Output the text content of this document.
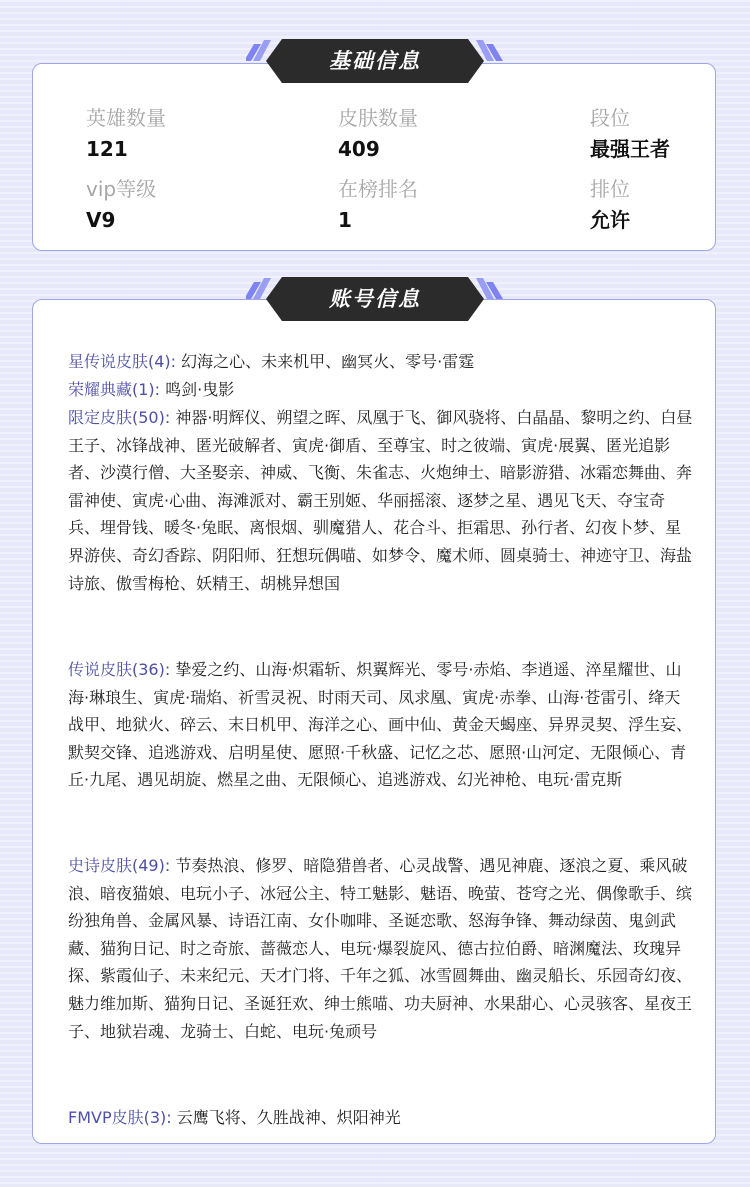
英雄数量
121
皮肤数量
409
段位
最强王者
vip等级
V9
在榜排名
1
排位
允许
基础信息
星传说皮肤(4): 幻海之心、未来机甲、幽冥火、零号·雷霆
荣耀典藏(1): 鸣剑·曳影
限定皮肤(50): 神器·明辉仪、朔望之晖、凤凰于飞、御风骁将、白晶晶、黎明之约、白昼王子、冰锋战神、匿光破解者、寅虎·御盾、至尊宝、时之彼端、寅虎·展翼、匿光追影者、沙漠行僧、大圣娶亲、神威、飞衡、朱雀志、火炮绅士、暗影游猎、冰霜恋舞曲、奔雷神使、寅虎·心曲、海滩派对、霸王别姬、华丽摇滚、逐梦之星、遇见飞天、夺宝奇兵、埋骨钱、暖冬·兔眠、离恨烟、驯魔猎人、花合斗、拒霜思、孙行者、幻夜卜梦、星界游侠、奇幻香踪、阴阳师、狂想玩偶喵、如梦令、魔术师、圆桌骑士、神迹守卫、海盐诗旅、傲雪梅枪、妖精王、胡桃异想国
传说皮肤(36): 挚爱之约、山海·炽霜斩、炽翼辉光、零号·赤焰、李逍遥、淬星耀世、山海·琳琅生、寅虎·瑞焰、祈雪灵祝、时雨天司、凤求凰、寅虎·赤拳、山海·苍雷引、绛天战甲、地狱火、碎云、末日机甲、海洋之心、画中仙、黄金天蝎座、异界灵契、浮生妄、默契交锋、追逃游戏、启明星使、愿照·千秋盛、记忆之芯、愿照·山河定、无限倾心、青丘·九尾、遇见胡旋、燃星之曲、无限倾心、追逃游戏、幻光神枪、电玩·雷克斯
史诗皮肤(49): 节奏热浪、修罗、暗隐猎兽者、心灵战警、遇见神鹿、逐浪之夏、乘风破浪、暗夜猫娘、电玩小子、冰冠公主、特工魅影、魅语、晚萤、苍穹之光、偶像歌手、缤纷独角兽、金属风暴、诗语江南、女仆咖啡、圣诞恋歌、怒海争锋、舞动绿茵、鬼剑武藏、猫狗日记、时之奇旅、蔷薇恋人、电玩·爆裂旋风、德古拉伯爵、暗渊魔法、玫瑰异探、紫霞仙子、未来纪元、天才门将、千年之狐、冰雪圆舞曲、幽灵船长、乐园奇幻夜、魅力维加斯、猫狗日记、圣诞狂欢、绅士熊喵、功夫厨神、水果甜心、心灵骇客、星夜王子、地狱岩魂、龙骑士、白蛇、电玩·兔顽号
FMVP皮肤(3): 云鹰飞将、久胜战神、炽阳神光
账号信息
